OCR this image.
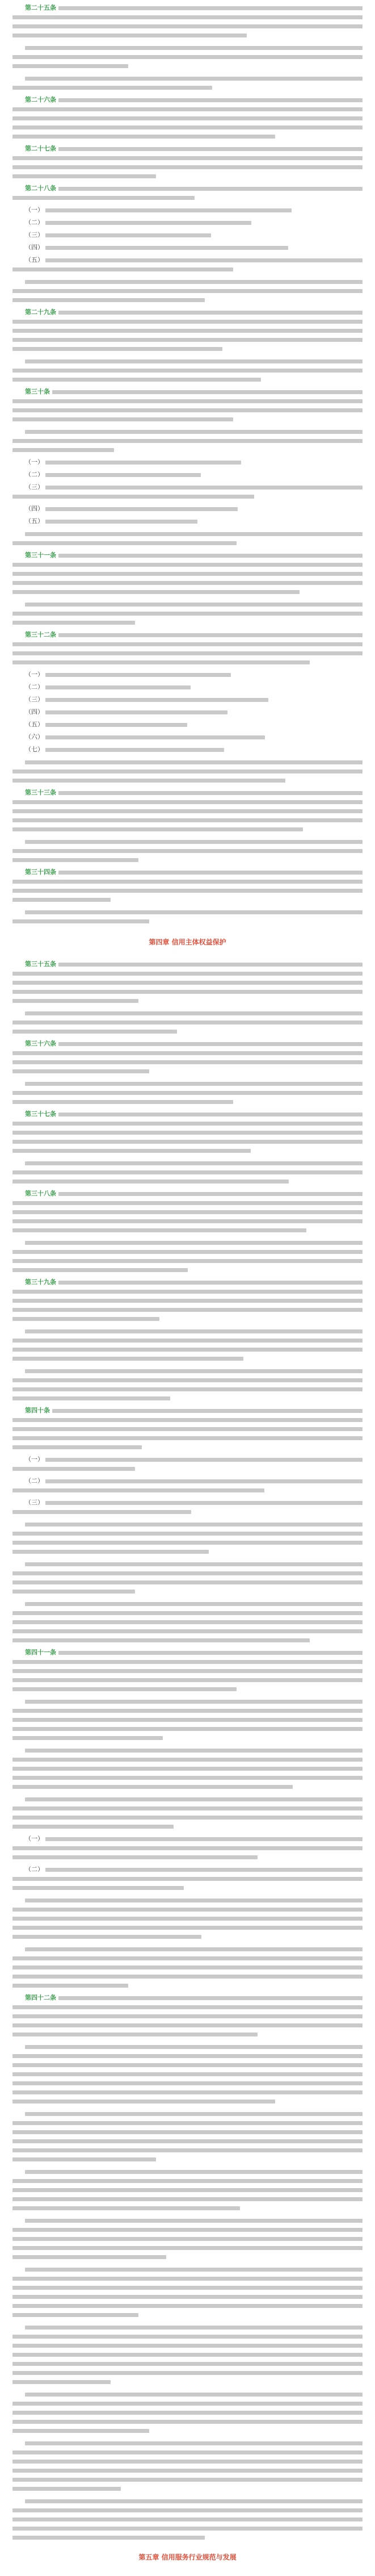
第二十五条
第二十六条
第二十七条
第二十八条
（一）
（二）
（三）
（四）
（五）
第二十九条
第三十条
（一）
（二）
（三）
（四）
（五）
第三十一条
第三十二条
（一）
（二）
（三）
（四）
（五）
（六）
（七）
第三十三条
第三十四条
第四章 信用主体权益保护
第三十五条
第三十六条
第三十七条
第三十八条
第三十九条
第四十条
（一）
（二）
（三）
第四十一条
（一）
（二）
第四十二条
第五章 信用服务行业规范与发展
